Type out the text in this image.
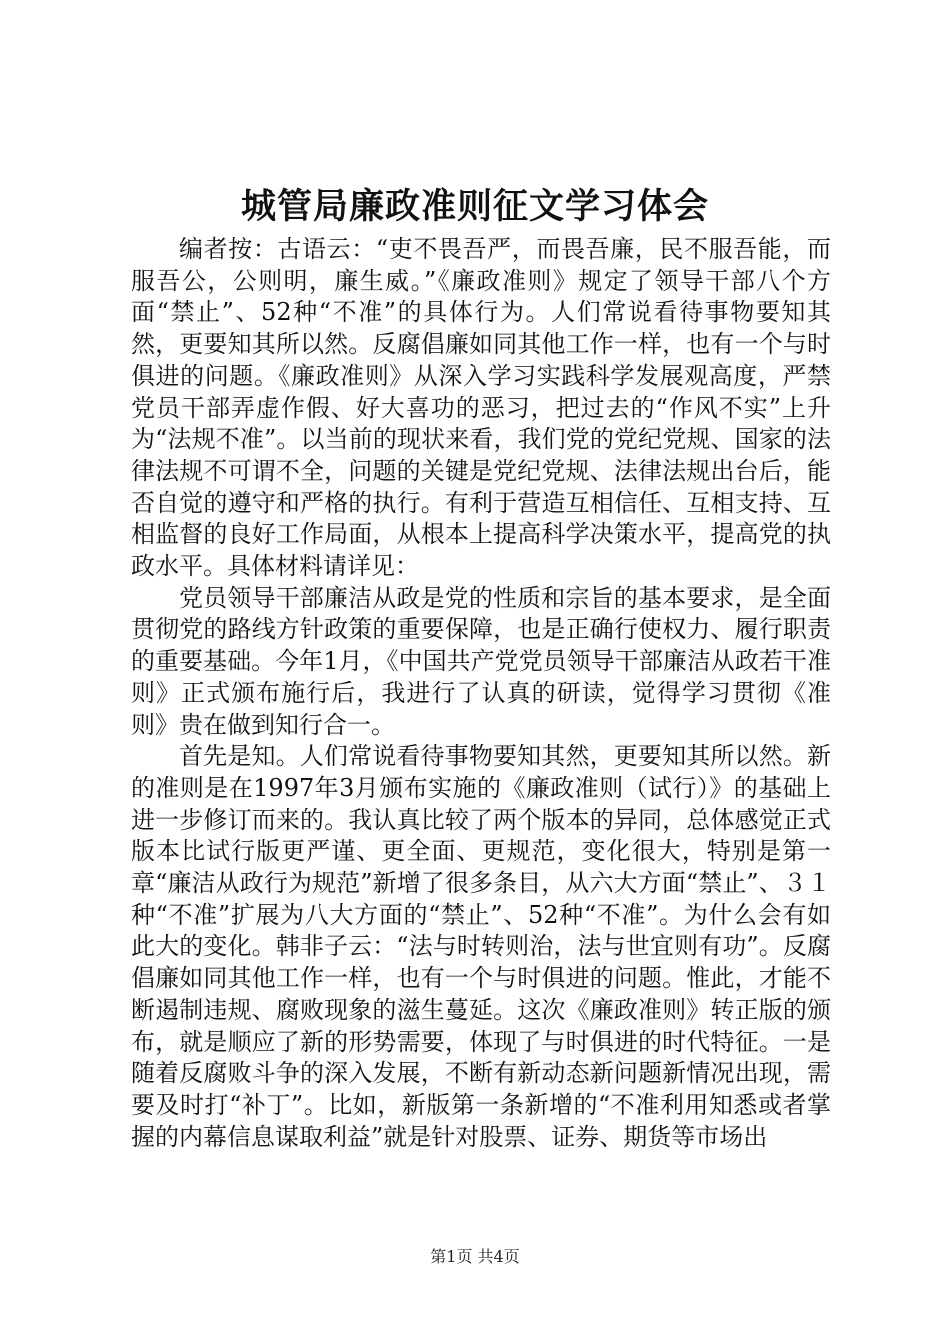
城管局廉政准则征文学习体会

编者按：古语云：“吏不畏吾严，而畏吾廉，民不服吾能，而服吾公，公则明，廉生威。”《廉政准则》规定了领导干部八个方面“禁止”、52种“不准”的具体行为。人们常说看待事物要知其然，更要知其所以然。反腐倡廉如同其他工作一样，也有一个与时俱进的问题。《廉政准则》从深入学习实践科学发展观高度，严禁党员干部弄虚作假、好大喜功的恶习，把过去的“作风不实”上升为“法规不准”。以当前的现状来看，我们党的党纪党规、国家的法律法规不可谓不全，问题的关键是党纪党规、法律法规出台后，能否自觉的遵守和严格的执行。有利于营造互相信任、互相支持、互相监督的良好工作局面，从根本上提高科学决策水平，提高党的执政水平。具体材料请详见：

党员领导干部廉洁从政是党的性质和宗旨的基本要求，是全面贯彻党的路线方针政策的重要保障，也是正确行使权力、履行职责的重要基础。今年1月，《中国共产党党员领导干部廉洁从政若干准则》正式颁布施行后，我进行了认真的研读，觉得学习贯彻《准则》贵在做到知行合一。

首先是知。人们常说看待事物要知其然，更要知其所以然。新的准则是在1997年3月颁布实施的《廉政准则（试行）》的基础上进一步修订而来的。我认真比较了两个版本的异同，总体感觉正式版本比试行版更严谨、更全面、更规范，变化很大，特别是第一章“廉洁从政行为规范”新增了很多条目，从六大方面“禁止”、３１种“不准”扩展为八大方面的“禁止”、52种“不准”。为什么会有如此大的变化。韩非子云：“法与时转则治，法与世宜则有功”。反腐倡廉如同其他工作一样，也有一个与时俱进的问题。惟此，才能不断遏制违规、腐败现象的滋生蔓延。这次《廉政准则》转正版的颁布，就是顺应了新的形势需要，体现了与时俱进的时代特征。一是随着反腐败斗争的深入发展，不断有新动态新问题新情况出现，需要及时打“补丁”。比如，新版第一条新增的“不准利用知悉或者掌握的内幕信息谋取利益”就是针对股票、证券、期货等市场出

第1页 共4页
